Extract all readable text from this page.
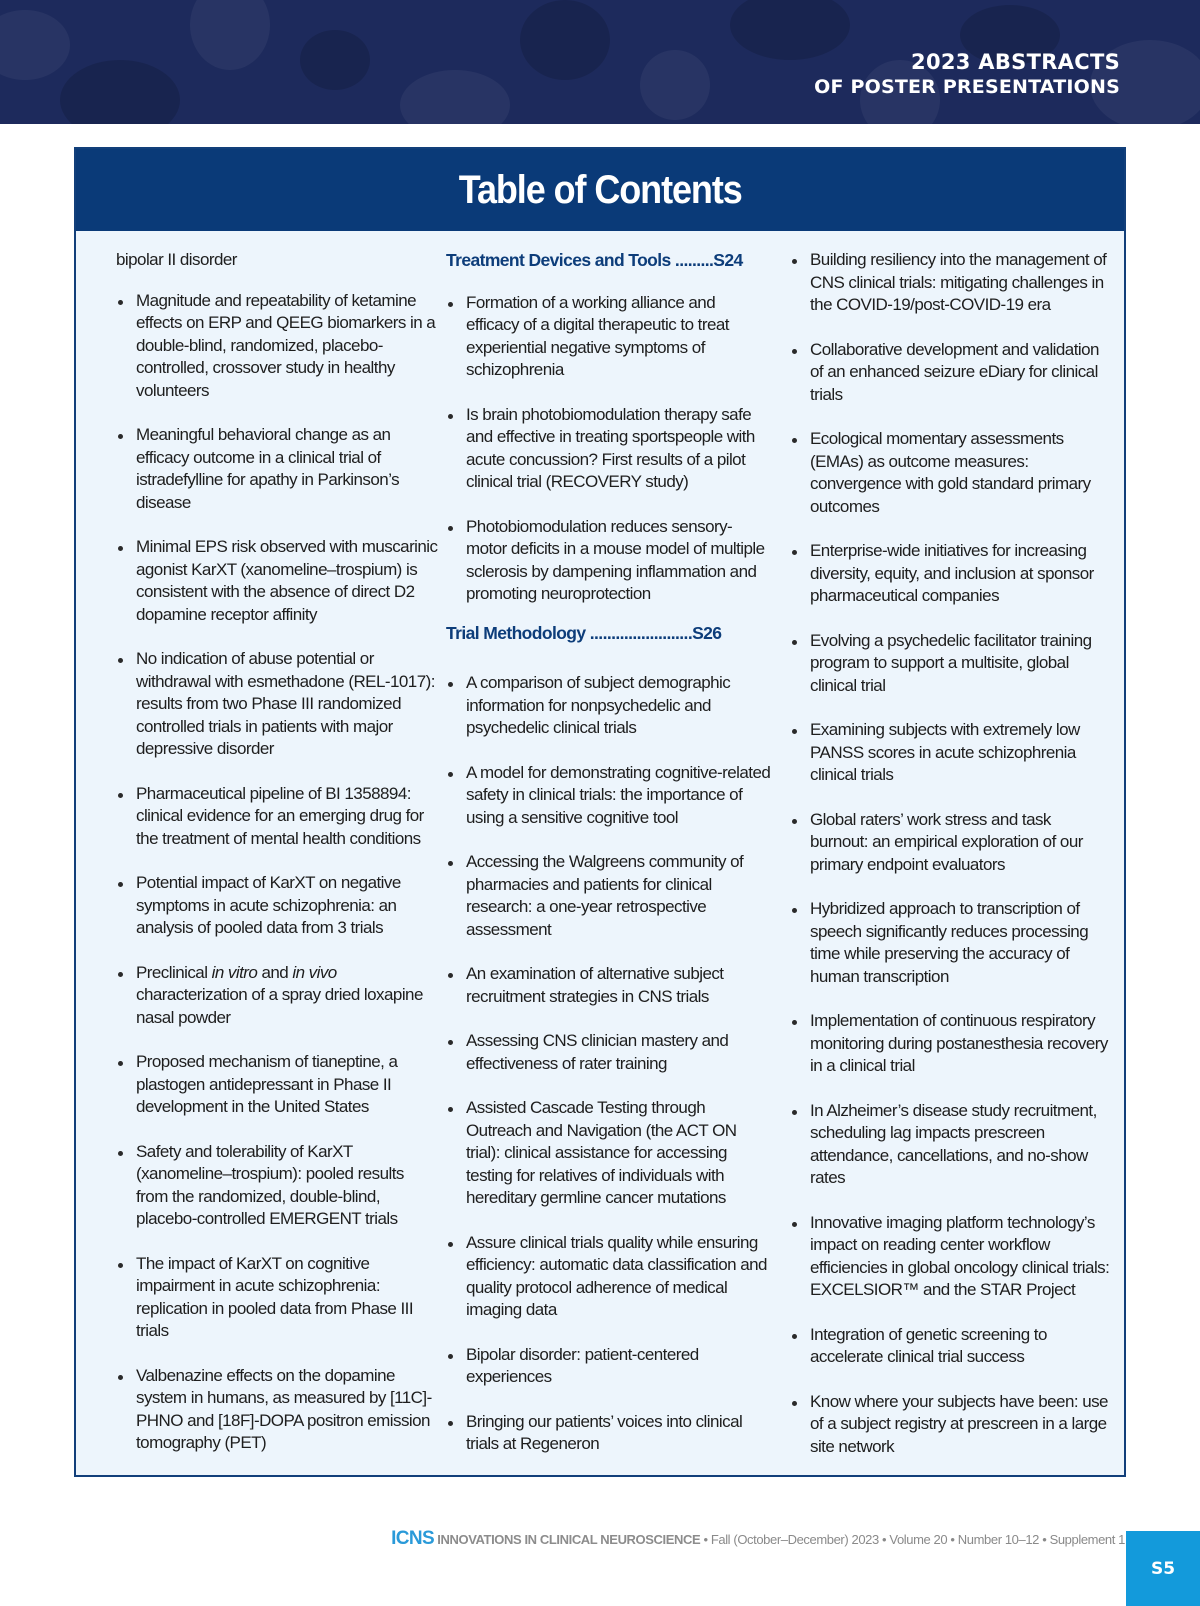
2023 ABSTRACTS
OF POSTER PRESENTATIONS
Table of Contents
bipolar II disorder
Magnitude and repeatability of ketamine effects on ERP and QEEG biomarkers in a double-blind, randomized, placebo-controlled, crossover study in healthy volunteers
Meaningful behavioral change as an efficacy outcome in a clinical trial of istradefylline for apathy in Parkinson’s disease
Minimal EPS risk observed with muscarinic agonist KarXT (xanomeline–trospium) is consistent with the absence of direct D2 dopamine receptor affinity
No indication of abuse potential or withdrawal with esmethadone (REL-1017): results from two Phase III randomized controlled trials in patients with major depressive disorder
Pharmaceutical pipeline of BI 1358894: clinical evidence for an emerging drug for the treatment of mental health conditions
Potential impact of KarXT on negative symptoms in acute schizophrenia: an analysis of pooled data from 3 trials
Preclinical in vitro and in vivo characterization of a spray dried loxapine nasal powder
Proposed mechanism of tianeptine, a plastogen antidepressant in Phase II development in the United States
Safety and tolerability of KarXT (xanomeline–trospium): pooled results from the randomized, double-blind, placebo-controlled EMERGENT trials
The impact of KarXT on cognitive impairment in acute schizophrenia: replication in pooled data from Phase III trials
Valbenazine effects on the dopamine system in humans, as measured by [11C]-PHNO and [18F]-DOPA positron emission tomography (PET)
Treatment Devices and Tools .........S24
Formation of a working alliance and efficacy of a digital therapeutic to treat experiential negative symptoms of schizophrenia
Is brain photobiomodulation therapy safe and effective in treating sportspeople with acute concussion? First results of a pilot clinical trial (RECOVERY study)
Photobiomodulation reduces sensory-motor deficits in a mouse model of multiple sclerosis by dampening inflammation and promoting neuroprotection
Trial Methodology ........................S26
A comparison of subject demographic information for nonpsychedelic and psychedelic clinical trials
A model for demonstrating cognitive-related safety in clinical trials: the importance of using a sensitive cognitive tool
Accessing the Walgreens community of pharmacies and patients for clinical research: a one-year retrospective assessment
An examination of alternative subject recruitment strategies in CNS trials
Assessing CNS clinician mastery and effectiveness of rater training
Assisted Cascade Testing through Outreach and Navigation (the ACT ON trial): clinical assistance for accessing testing for relatives of individuals with hereditary germline cancer mutations
Assure clinical trials quality while ensuring efficiency: automatic data classification and quality protocol adherence of medical imaging data
Bipolar disorder: patient-centered experiences
Bringing our patients’ voices into clinical trials at Regeneron
Building resiliency into the management of CNS clinical trials: mitigating challenges in the COVID-19/post-COVID-19 era
Collaborative development and validation of an enhanced seizure eDiary for clinical trials
Ecological momentary assessments (EMAs) as outcome measures: convergence with gold standard primary outcomes
Enterprise-wide initiatives for increasing diversity, equity, and inclusion at sponsor pharmaceutical companies
Evolving a psychedelic facilitator training program to support a multisite, global clinical trial
Examining subjects with extremely low PANSS scores in acute schizophrenia clinical trials
Global raters’ work stress and task burnout: an empirical exploration of our primary endpoint evaluators
Hybridized approach to transcription of speech significantly reduces processing time while preserving the accuracy of human transcription
Implementation of continuous respiratory monitoring during postanesthesia recovery in a clinical trial
In Alzheimer’s disease study recruitment, scheduling lag impacts prescreen attendance, cancellations, and no-show rates
Innovative imaging platform technology’s impact on reading center workflow efficiencies in global oncology clinical trials: EXCELSIOR™ and the STAR Project
Integration of genetic screening to accelerate clinical trial success
Know where your subjects have been: use of a subject registry at prescreen in a large site network
ICNS INNOVATIONS IN CLINICAL NEUROSCIENCE • Fall (October–December) 2023 • Volume 20 • Number 10–12 • Supplement 1
S5
